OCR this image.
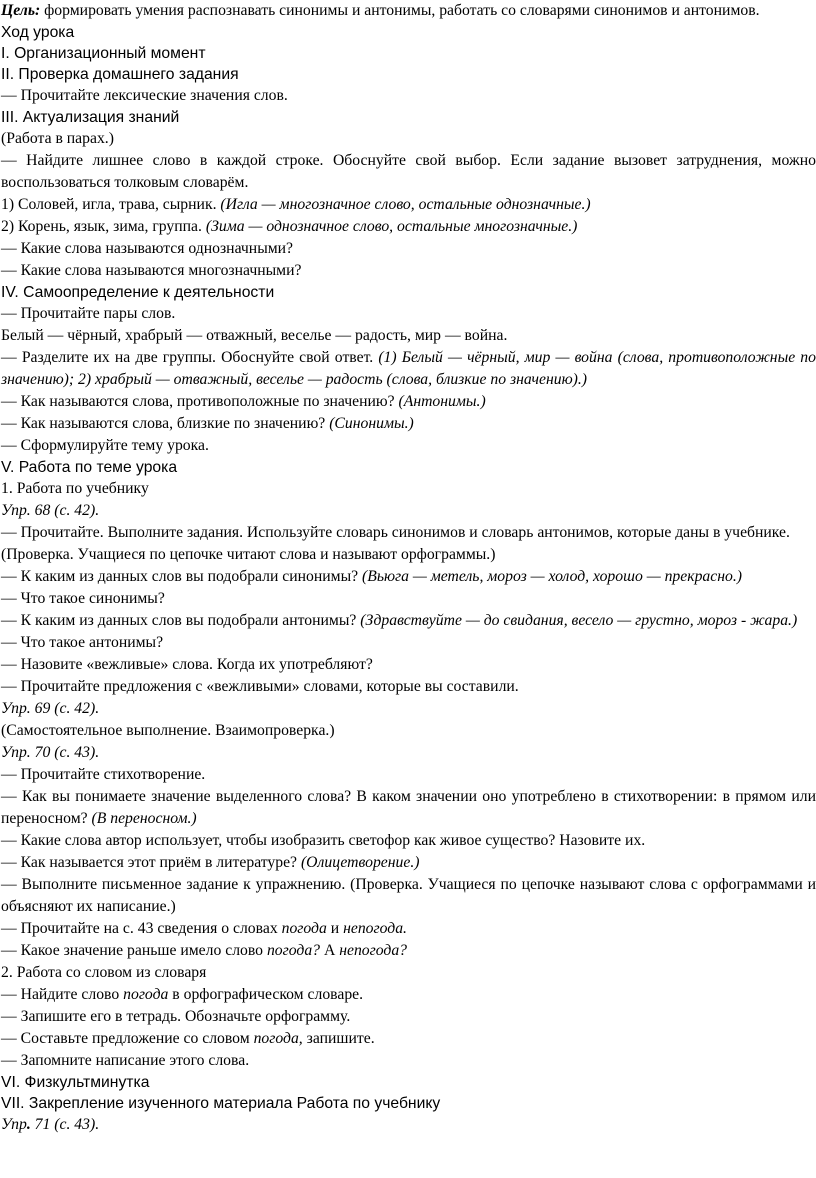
Цель: формировать умения распознавать синонимы и антонимы, работать со словарями синонимов и антонимов.

Ход урока

I. Организационный момент

II. Проверка домашнего задания

— Прочитайте лексические значения слов.

III. Актуализация знаний

(Работа в парах.)

— Найдите лишнее слово в каждой строке. Обоснуйте свой выбор. Если задание вызовет затруднения, можно воспользоваться толковым словарём.

1) Соловей, игла, трава, сырник. (Игла — многозначное слово, остальные однозначные.)

2) Корень, язык, зима, группа. (Зима — однозначное слово, остальные многозначные.)

— Какие слова называются однозначными?

— Какие слова называются многозначными?

IV. Самоопределение к деятельности

— Прочитайте пары слов.

Белый — чёрный, храбрый — отважный, веселье — радость, мир — война.

— Разделите их на две группы. Обоснуйте свой ответ. (1) Белый — чёрный, мир — война (слова, противоположные по значению); 2) храбрый — отважный, веселье — радость (слова, близкие по значению).)

— Как называются слова, противоположные по значению? (Антонимы.)

— Как называются слова, близкие по значению? (Синонимы.)

— Сформулируйте тему урока.

V. Работа по теме урока

1. Работа по учебнику

Упр. 68 (с. 42).

— Прочитайте. Выполните задания. Используйте словарь синонимов и словарь антонимов, которые даны в учебнике.

(Проверка. Учащиеся по цепочке читают слова и называют орфограммы.)

— К каким из данных слов вы подобрали синонимы? (Вьюга — метель, мороз — холод, хорошо — прекрасно.)

— Что такое синонимы?

— К каким из данных слов вы подобрали антонимы? (Здравствуйте — до свидания, весело — грустно, мороз - жара.)

— Что такое антонимы?

— Назовите «вежливые» слова. Когда их употребляют?

— Прочитайте предложения с «вежливыми» словами, которые вы составили.

Упр. 69 (с. 42).

(Самостоятельное выполнение. Взаимопроверка.)

Упр. 70 (с. 43).

— Прочитайте стихотворение.

— Как вы понимаете значение выделенного слова? В каком значении оно употреблено в стихотворении: в прямом или переносном? (В переносном.)

— Какие слова автор использует, чтобы изобразить светофор как живое существо? Назовите их.

— Как называется этот приём в литературе? (Олицетворение.)

— Выполните письменное задание к упражнению. (Проверка. Учащиеся по цепочке называют слова с орфограммами и объясняют их написание.)

— Прочитайте на с. 43 сведения о словах погода и непогода.

— Какое значение раньше имело слово погода? А непогода?

2. Работа со словом из словаря

— Найдите слово погода в орфографическом словаре.

— Запишите его в тетрадь. Обозначьте орфограмму.

— Составьте предложение со словом погода, запишите.

— Запомните написание этого слова.

VI. Физкультминутка

VII. Закрепление изученного материала Работа по учебнику

Упр. 71 (с. 43).
